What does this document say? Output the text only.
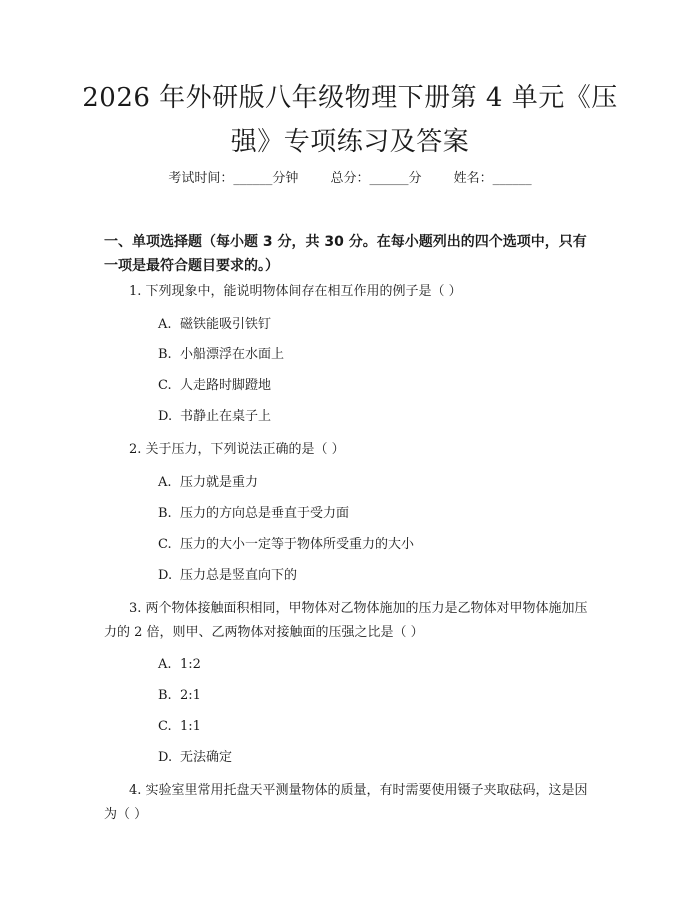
2026 年外研版八年级物理下册第 4 单元《压
强》专项练习及答案
考试时间：______分钟 总分：______分 姓名：______
一、单项选择题（每小题 3 分，共 30 分。在每小题列出的四个选项中，只有一项是最符合题目要求的。）
1. 下列现象中，能说明物体间存在相互作用的例子是（ ）
A. 磁铁能吸引铁钉
B. 小船漂浮在水面上
C. 人走路时脚蹬地
D. 书静止在桌子上
2. 关于压力，下列说法正确的是（ ）
A. 压力就是重力
B. 压力的方向总是垂直于受力面
C. 压力的大小一定等于物体所受重力的大小
D. 压力总是竖直向下的
3. 两个物体接触面积相同，甲物体对乙物体施加的压力是乙物体对甲物体施加压力的 2 倍，则甲、乙两物体对接触面的压强之比是（ ）
A. 1:2
B. 2:1
C. 1:1
D. 无法确定
4. 实验室里常用托盘天平测量物体的质量，有时需要使用镊子夹取砝码，这是因为（ ）
